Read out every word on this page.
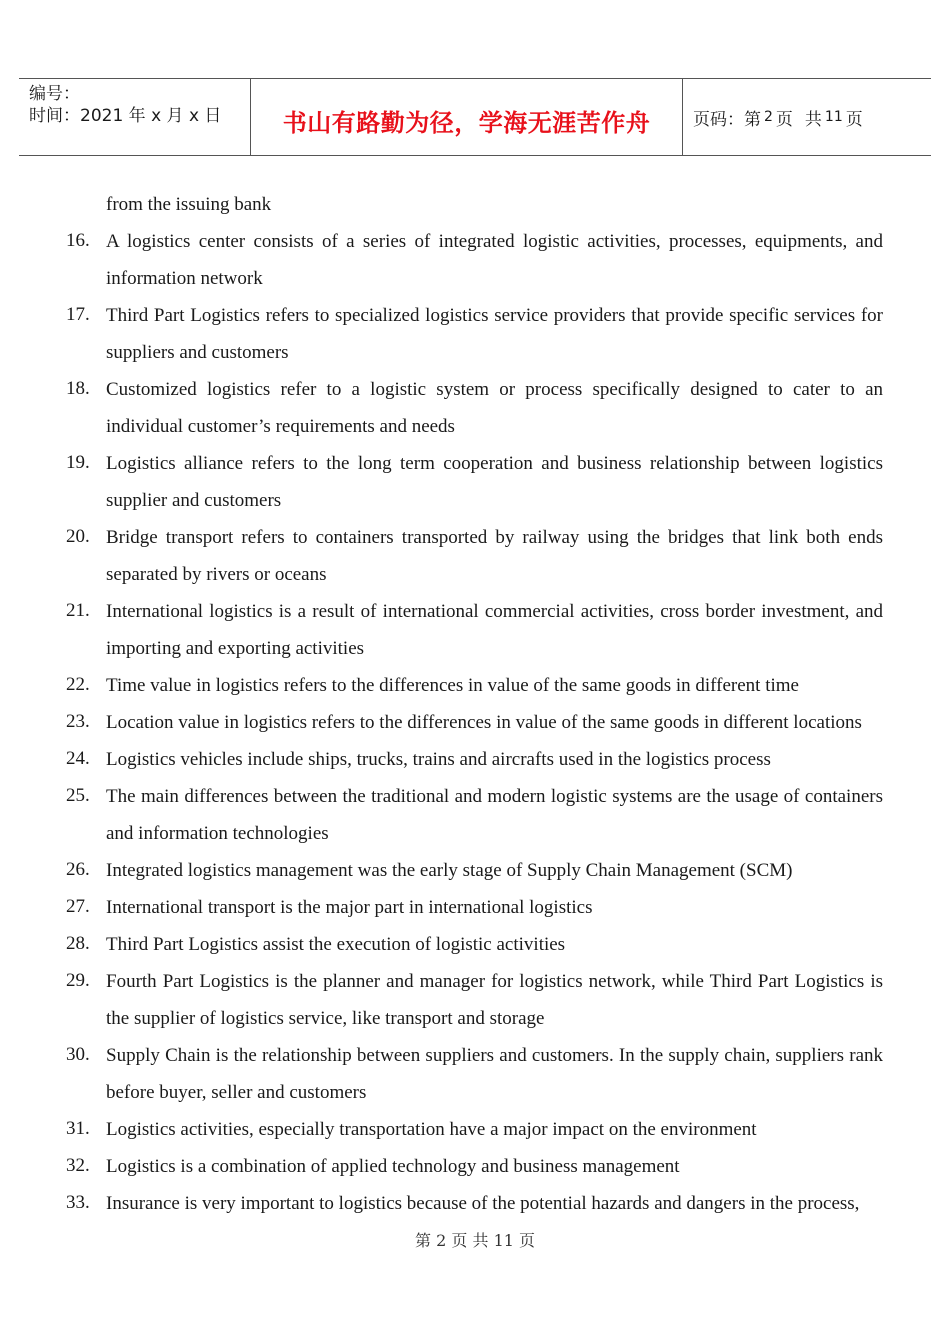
编号：
时间：2021 年 x 月 x 日	书山有路勤为径，学海无涯苦作舟	页码：第 2 页 共 11 页
from the issuing bank
16. A logistics center consists of a series of integrated logistic activities, processes, equipments, and information network
17. Third Part Logistics refers to specialized logistics service providers that provide specific services for suppliers and customers
18. Customized logistics refer to a logistic system or process specifically designed to cater to an individual customer’s requirements and needs
19. Logistics alliance refers to the long term cooperation and business relationship between logistics supplier and customers
20. Bridge transport refers to containers transported by railway using the bridges that link both ends separated by rivers or oceans
21. International logistics is a result of international commercial activities, cross border investment, and importing and exporting activities
22. Time value in logistics refers to the differences in value of the same goods in different time
23. Location value in logistics refers to the differences in value of the same goods in different locations
24. Logistics vehicles include ships, trucks, trains and aircrafts used in the logistics process
25. The main differences between the traditional and modern logistic systems are the usage of containers and information technologies
26. Integrated logistics management was the early stage of Supply Chain Management (SCM)
27. International transport is the major part in international logistics
28. Third Part Logistics assist the execution of logistic activities
29. Fourth Part Logistics is the planner and manager for logistics network, while Third Part Logistics is the supplier of logistics service, like transport and storage
30. Supply Chain is the relationship between suppliers and customers. In the supply chain, suppliers rank before buyer, seller and customers
31. Logistics activities, especially transportation have a major impact on the environment
32. Logistics is a combination of applied technology and business management
33. Insurance is very important to logistics because of the potential hazards and dangers in the process,
第 2 页 共 11 页
